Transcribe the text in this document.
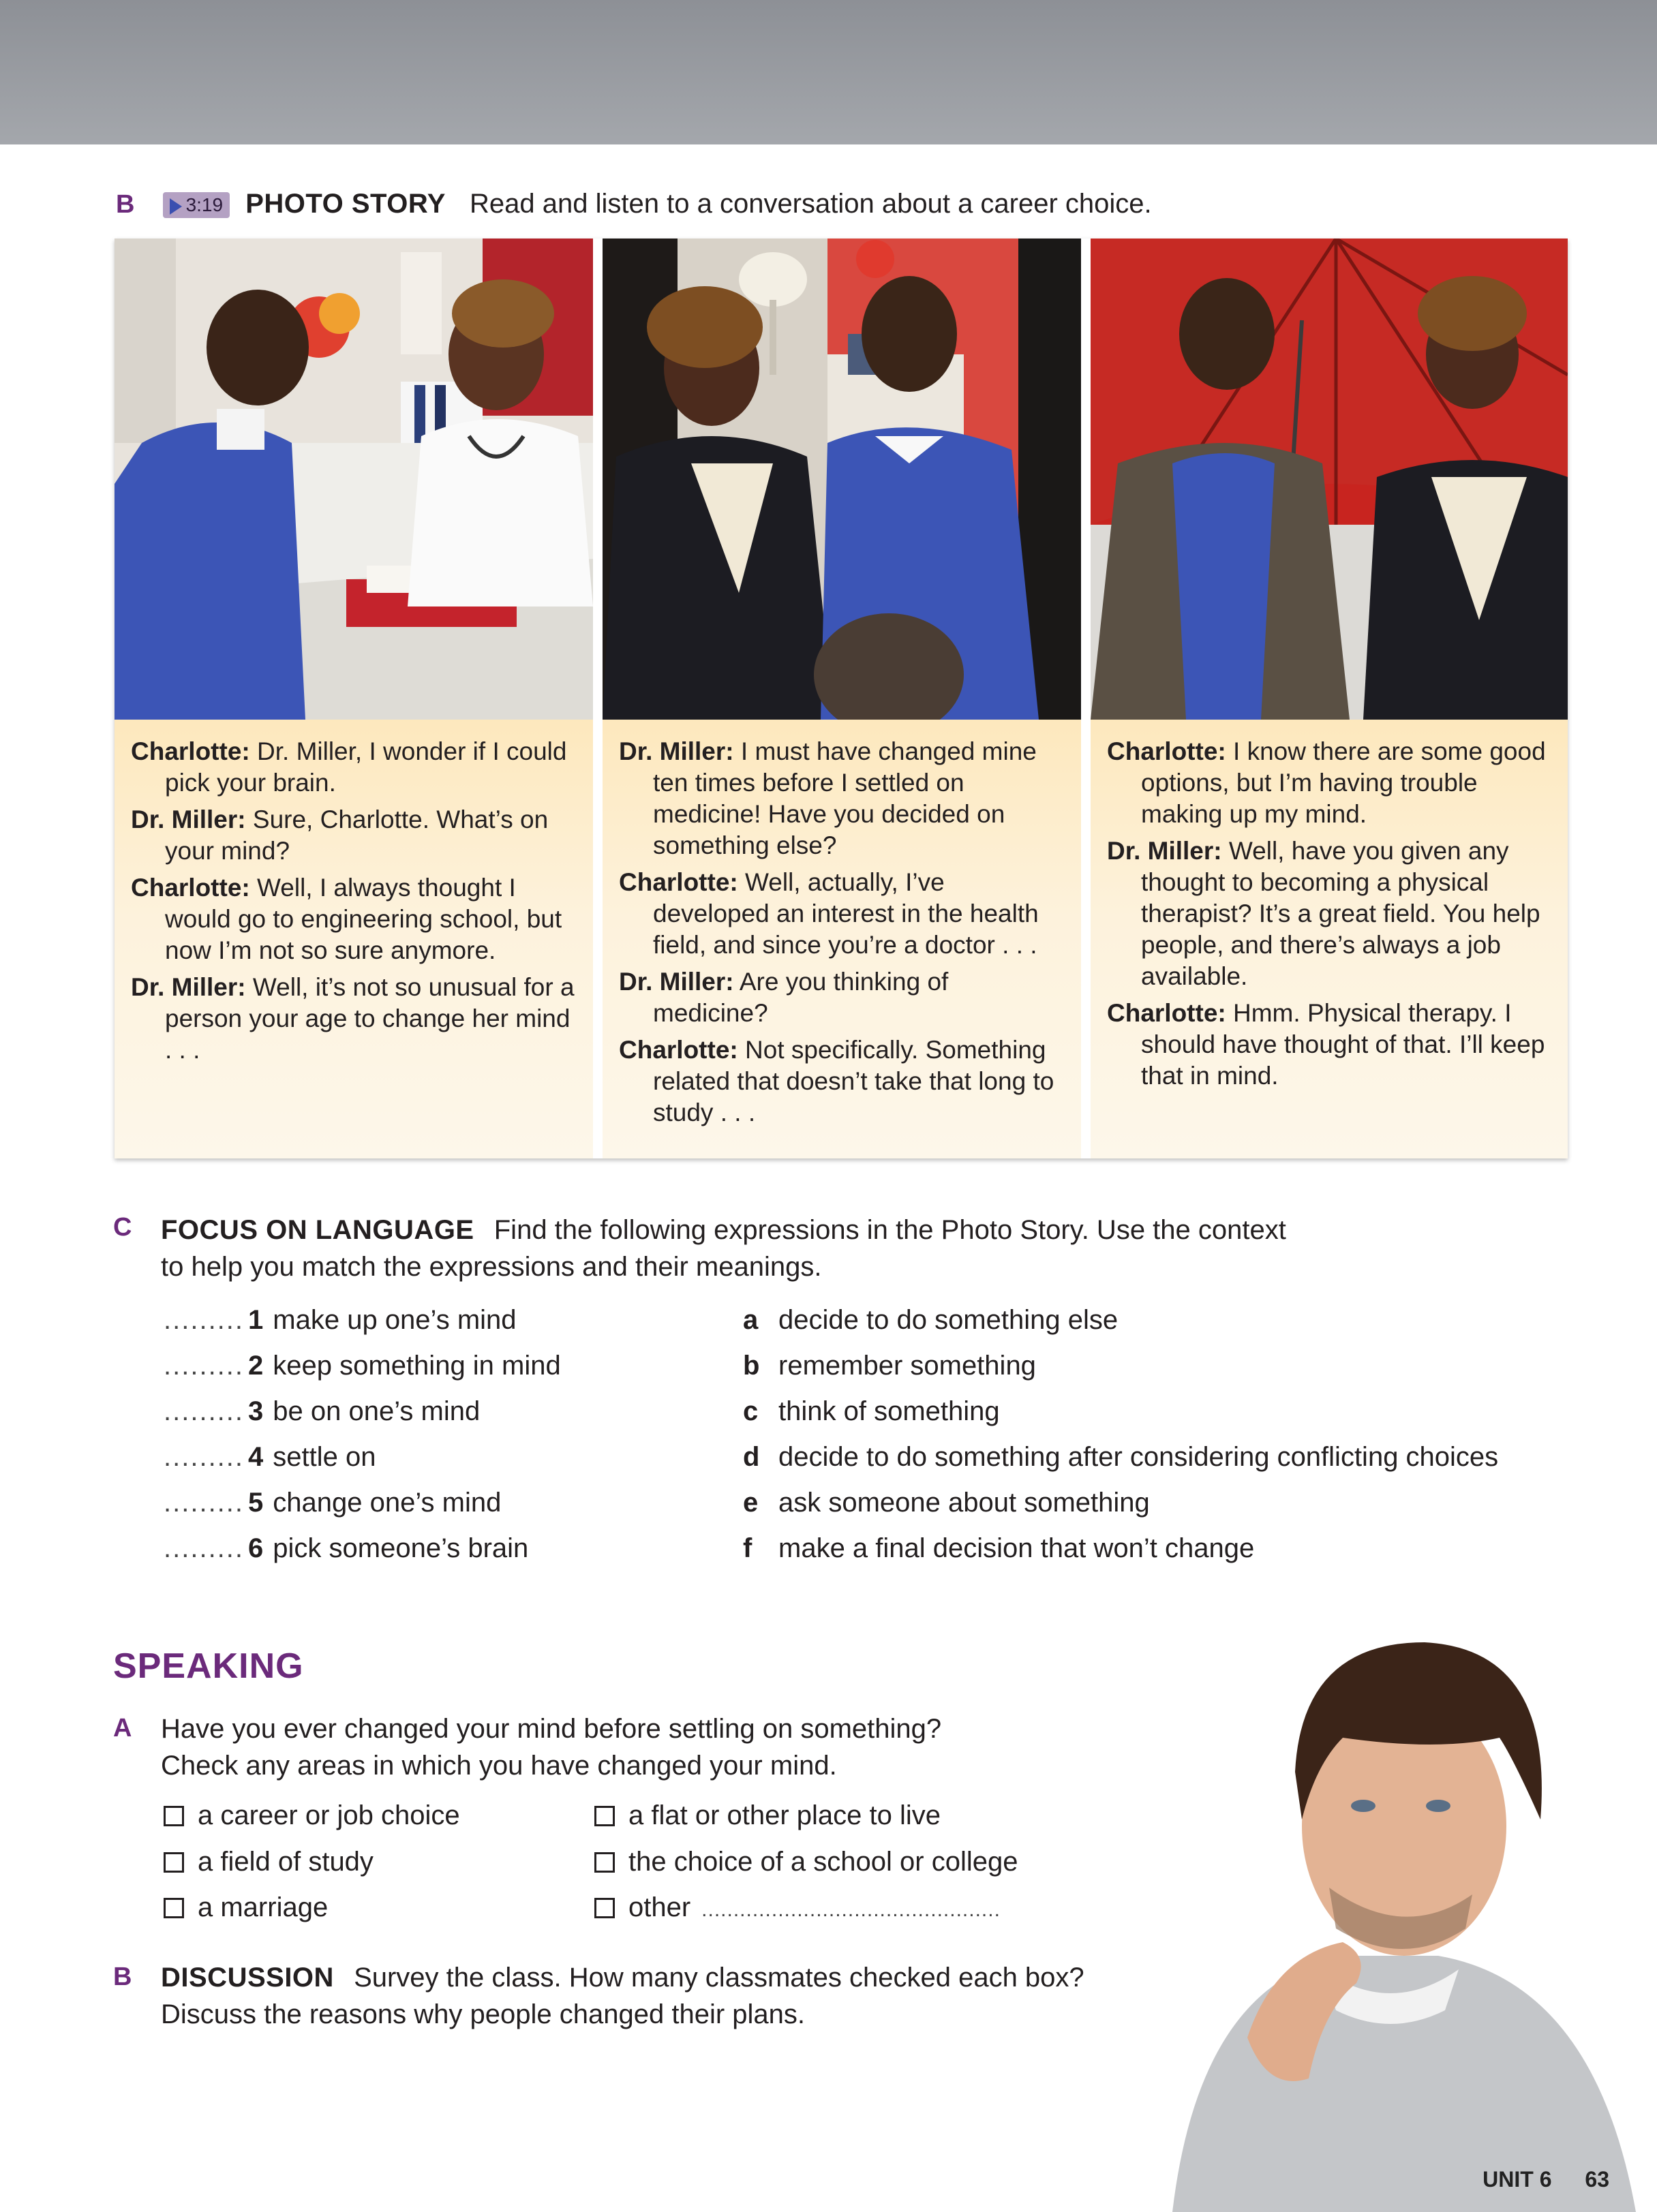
B	3:19 PHOTO STORY Read and listen to a conversation about a career choice.

Charlotte: Dr. Miller, I wonder if I could pick your brain.

Dr. Miller: Sure, Charlotte. What’s on your mind?

Charlotte: Well, I always thought I would go to engineering school, but now I’m not so sure anymore.

Dr. Miller: Well, it’s not so unusual for a person your age to change her mind . . .

Dr. Miller: I must have changed mine ten times before I settled on medicine! Have you decided on something else?

Charlotte: Well, actually, I’ve developed an interest in the health field, and since you’re a doctor . . .

Dr. Miller: Are you thinking of medicine?

Charlotte: Not specifically. Something related that doesn’t take that long to study . . .

Charlotte: I know there are some good options, but I’m having trouble making up my mind.

Dr. Miller: Well, have you given any thought to becoming a physical therapist? It’s a great field. You help people, and there’s always a job available.

Charlotte: Hmm. Physical therapy. I should have thought of that. I’ll keep that in mind.

C FOCUS ON LANGUAGE Find the following expressions in the Photo Story. Use the context
to help you match the expressions and their meanings.
......... 1 make up one’s mind
......... 2 keep something in mind
......... 3 be on one’s mind
......... 4 settle on
......... 5 change one’s mind
......... 6 pick someone’s brain
a decide to do something else
b remember something
c think of something
d decide to do something after considering conflicting choices
e ask someone about something
f make a final decision that won’t change
SPEAKING
A Have you ever changed your mind before settling on something?
Check any areas in which you have changed your mind.
a career or job choice
a field of study
a marriage
a flat or other place to live
the choice of a school or college
other ...............................................
B DISCUSSION Survey the class. How many classmates checked each box?
Discuss the reasons why people changed their plans.
UNIT 6 63
